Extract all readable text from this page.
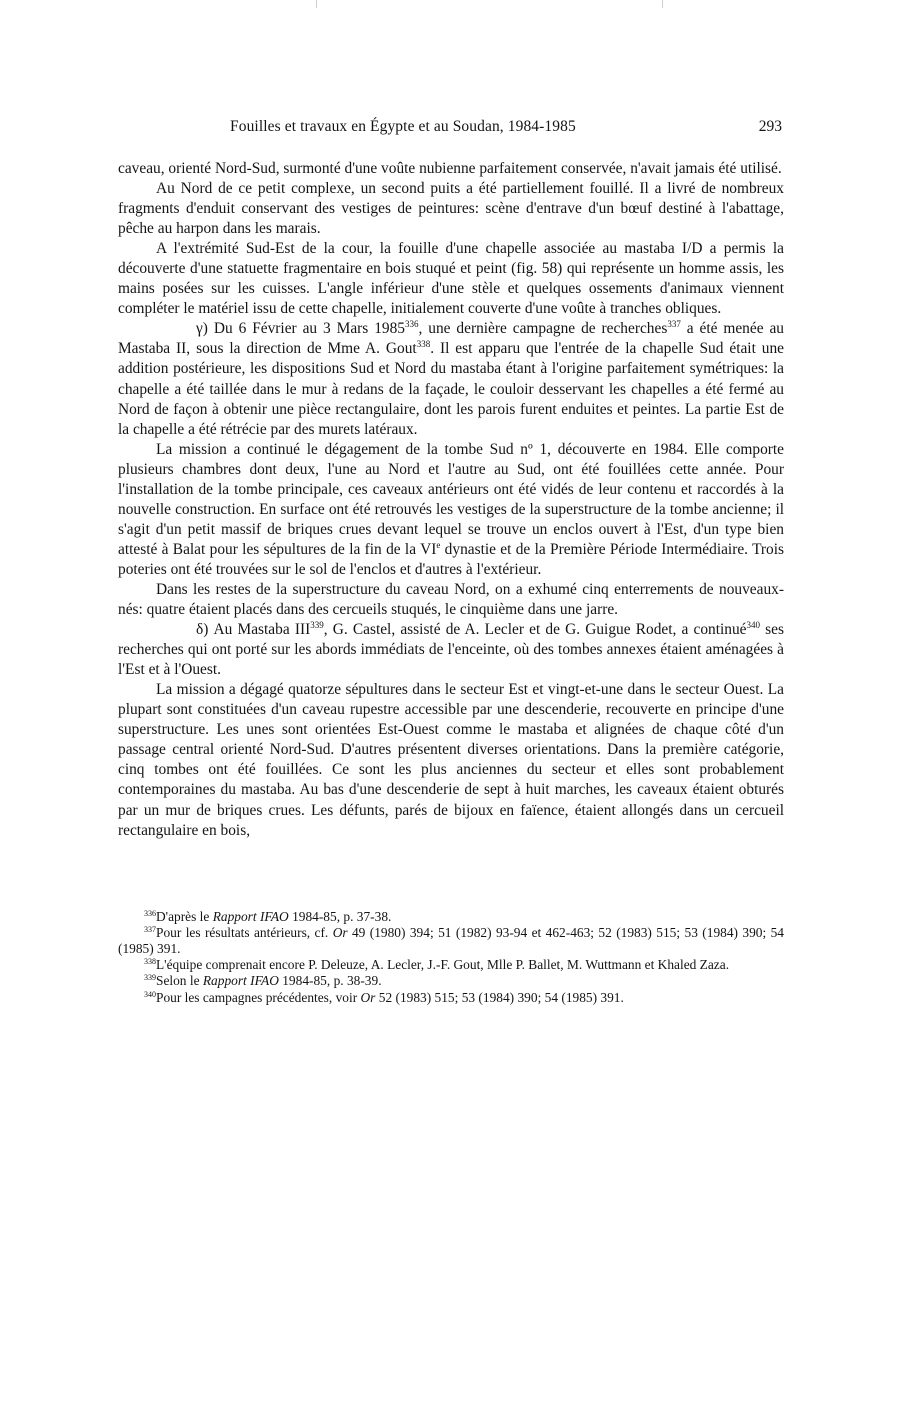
Fouilles et travaux en Égypte et au Soudan, 1984-1985	293

caveau, orienté Nord-Sud, surmonté d'une voûte nubienne parfaitement conservée, n'avait jamais été utilisé.

Au Nord de ce petit complexe, un second puits a été partiellement fouillé. Il a livré de nombreux fragments d'enduit conservant des vestiges de peintures: scène d'entrave d'un bœuf destiné à l'abattage, pêche au harpon dans les marais.

A l'extrémité Sud-Est de la cour, la fouille d'une chapelle associée au mastaba I/D a permis la découverte d'une statuette fragmentaire en bois stuqué et peint (fig. 58) qui représente un homme assis, les mains posées sur les cuisses. L'angle inférieur d'une stèle et quelques ossements d'animaux viennent compléter le matériel issu de cette chapelle, initialement couverte d'une voûte à tranches obliques.

γ) Du 6 Février au 3 Mars 1985$^{336}$, une dernière campagne de recherches$^{337}$ a été menée au Mastaba II, sous la direction de Mme A. Gout$^{338}$. Il est apparu que l'entrée de la chapelle Sud était une addition postérieure, les dispositions Sud et Nord du mastaba étant à l'origine parfaitement symétriques: la chapelle a été taillée dans le mur à redans de la façade, le couloir desservant les chapelles a été fermé au Nord de façon à obtenir une pièce rectangulaire, dont les parois furent enduites et peintes. La partie Est de la chapelle a été rétrécie par des murets latéraux.

La mission a continué le dégagement de la tombe Sud nº 1, découverte en 1984. Elle comporte plusieurs chambres dont deux, l'une au Nord et l'autre au Sud, ont été fouillées cette année. Pour l'installation de la tombe principale, ces caveaux antérieurs ont été vidés de leur contenu et raccordés à la nouvelle construction. En surface ont été retrouvés les vestiges de la superstructure de la tombe ancienne; il s'agit d'un petit massif de briques crues devant lequel se trouve un enclos ouvert à l'Est, d'un type bien attesté à Balat pour les sépultures de la fin de la VIe dynastie et de la Première Période Intermédiaire. Trois poteries ont été trouvées sur le sol de l'enclos et d'autres à l'extérieur.

Dans les restes de la superstructure du caveau Nord, on a exhumé cinq enterrements de nouveaux-nés: quatre étaient placés dans des cercueils stuqués, le cinquième dans une jarre.

δ) Au Mastaba III$^{339}$, G. Castel, assisté de A. Lecler et de G. Guigue Rodet, a continué$^{340}$ ses recherches qui ont porté sur les abords immédiats de l'enceinte, où des tombes annexes étaient aménagées à l'Est et à l'Ouest.

La mission a dégagé quatorze sépultures dans le secteur Est et vingt-et-une dans le secteur Ouest. La plupart sont constituées d'un caveau rupestre accessible par une descenderie, recouverte en principe d'une superstructure. Les unes sont orientées Est-Ouest comme le mastaba et alignées de chaque côté d'un passage central orienté Nord-Sud. D'autres présentent diverses orientations. Dans la première catégorie, cinq tombes ont été fouillées. Ce sont les plus anciennes du secteur et elles sont probablement contemporaines du mastaba. Au bas d'une descenderie de sept à huit marches, les caveaux étaient obturés par un mur de briques crues. Les défunts, parés de bijoux en faïence, étaient allongés dans un cercueil rectangulaire en bois,

$^{336}$D'après le Rapport IFAO 1984-85, p. 37-38.

$^{337}$Pour les résultats antérieurs, cf. Or 49 (1980) 394; 51 (1982) 93-94 et 462-463; 52 (1983) 515; 53 (1984) 390; 54 (1985) 391.

$^{338}$L'équipe comprenait encore P. Deleuze, A. Lecler, J.-F. Gout, Mlle P. Ballet, M. Wuttmann et Khaled Zaza.

$^{339}$Selon le Rapport IFAO 1984-85, p. 38-39.

$^{340}$Pour les campagnes précédentes, voir Or 52 (1983) 515; 53 (1984) 390; 54 (1985) 391.
